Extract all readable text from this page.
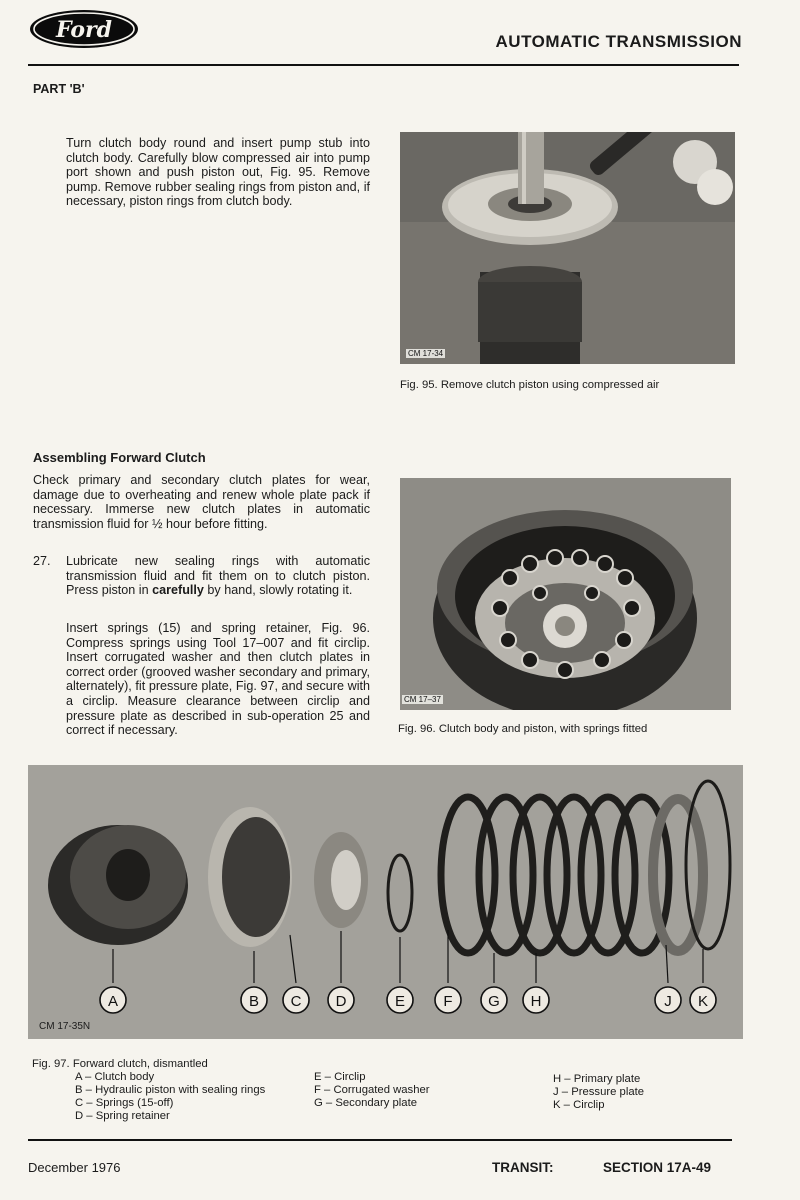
Ford	AUTOMATIC TRANSMISSION
PART 'B'
Turn clutch body round and insert pump stub into clutch body. Carefully blow compressed air into pump port shown and push piston out, Fig. 95. Remove pump. Remove rubber sealing rings from piston and, if necessary, piston rings from clutch body.
CM 17-34
Fig. 95. Remove clutch piston using compressed air
Assembling Forward Clutch
Check primary and secondary clutch plates for wear, damage due to overheating and renew whole plate pack if necessary. Immerse new clutch plates in automatic transmission fluid for ½ hour before fitting.
27. Lubricate new sealing rings with automatic transmission fluid and fit them on to clutch piston. Press piston in carefully by hand, slowly rotating it.
Insert springs (15) and spring retainer, Fig. 96. Compress springs using Tool 17–007 and fit circlip. Insert corrugated washer and then clutch plates in correct order (grooved washer secondary and primary, alternately), fit pressure plate, Fig. 97, and secure with a circlip. Measure clearance between circlip and pressure plate as described in sub-operation 25 and correct if necessary.
CM 17–37
Fig. 96. Clutch body and piston, with springs fitted
A	B C D	E	F G H	J K
CM 17-35N
Fig. 97. Forward clutch, dismantled
A – Clutch body
B – Hydraulic piston with sealing rings
C – Springs (15-off)
D – Spring retainer
E – Circlip
F – Corrugated washer
G – Secondary plate
H – Primary plate
J – Pressure plate
K – Circlip
December 1976	TRANSIT:	SECTION 17A-49
